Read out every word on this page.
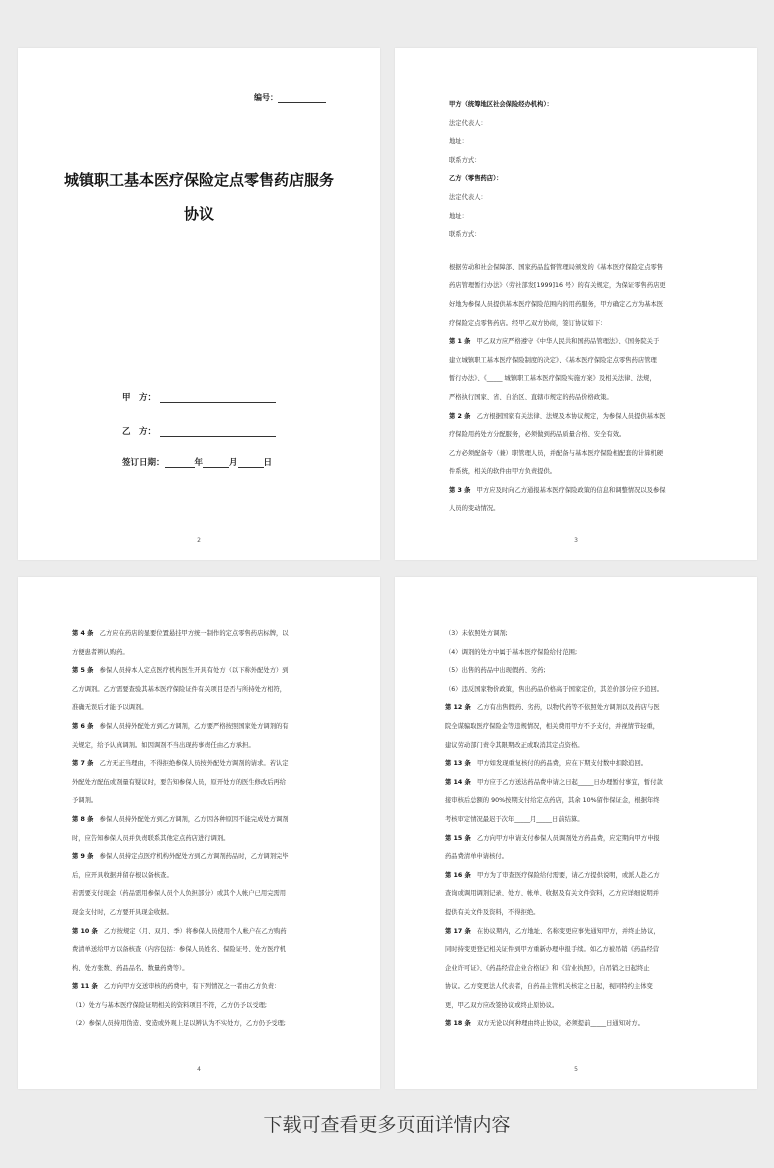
编号：
城镇职工基本医疗保险定点零售药店服务协议
甲　方：
乙　方：
签订日期：	年	月	日
2

甲方（统筹地区社会保险经办机构）：

法定代表人：

地址：

联系方式：

乙方（零售药店）：

法定代表人：

地址：

联系方式：

根据劳动和社会保障部、国家药品监督管理局颁发的《基本医疗保险定点零售

药店管理暂行办法》（劳社部发[1999]16 号）的有关规定，为保证零售药店更

好地为参保人员提供基本医疗保险范围内的用药服务，甲方确定乙方为基本医

疗保险定点零售药店。经甲乙双方协商，签订协议如下：

第 1 条　甲乙双方应严格遵守《中华人民共和国药品管理法》、《国务院关于

建立城镇职工基本医疗保险制度的决定》、《基本医疗保险定点零售药店管理

暂行办法》、《_____ 城镇职工基本医疗保险实施方案》及相关法律、法规，

严格执行国家、省、自治区、直辖市规定的药品价格政策。

第 2 条　乙方根据国家有关法律、法规及本协议规定，为参保人员提供基本医

疗保险用药处方分配服务，必须做到药品质量合格、安全有效。

乙方必须配备专（兼）职管理人员，并配备与基本医疗保险相配套的计算机硬

件系统，相关的软件由甲方负责提供。

第 3 条　甲方应及时向乙方通报基本医疗保险政策的信息和调整情况以及参保

人员的变动情况。

3

第 4 条　乙方应在药店的显要位置悬挂甲方统一制作的定点零售药店标牌，以

方便患者辨认购药。

第 5 条　参保人员持本人定点医疗机构医生开具有处方（以下称外配处方）到

乙方调剂。乙方需要查验其基本医疗保险证件有关项目是否与所持处方相符，

准确无误后才能予以调剂。

第 6 条　参保人员持外配处方到乙方调剂，乙方要严格按照国家处方调剂的有

关规定，给予认真调剂。如因调剂不当出现药事责任由乙方承担。

第 7 条　乙方无正当理由，不得拒绝参保人员按外配处方调剂的请求。若认定

外配处方配伍或剂量有疑议时，要告知参保人员，原开处方的医生修改后再给

予调剂。

第 8 条　参保人员持外配处方到乙方调剂，乙方因各种原因不能完成处方调剂

时，应告知参保人员并负责联系其他定点药店进行调剂。

第 9 条　参保人员持定点医疗机构外配处方到乙方调剂药品时，乙方调剂完毕

后，应开具收据并留存根以备核查。

若需要支付现金（药品需用参保人员个人负担部分）或其个人帐户已用完需用

现金支付时，乙方要开具现金收据。

第 10 条　乙方按规定（月、双月、季）将参保人员使用个人帐户在乙方购药

费清单送给甲方以备核查（内容包括：参保人员姓名、保险证号、处方医疗机

构、处方张数、药品品名、数量药费等）。

第 11 条　乙方向甲方交送审核的药费中，有下列情况之一者由乙方负责：

（1）处方与基本医疗保险证明相关的资料项目不符，乙方仍予以受理;

（2）参保人员持用伪造、变造或外观上足以辨认为不实处方，乙方仍予受理;

4

（3）未依照处方调剂;

（4）调剂的处方中属于基本医疗保险给付范围;

（5）出售的药品中出现假药、劣药;

（6）违反国家物价政策，售出药品价格高于国家定价，其差价部分应予追回。

第 12 条　乙方有出售假药、劣药，以物代药等不依照处方调剂以及药店与医

院全谋骗取医疗保险金等违规情况，相关费用甲方不予支付，并视情节轻重，

建议劳动部门责令其限期改正或取消其定点资格。

第 13 条　甲方如发现重复核付的药品费，应在下期支付数中扣除追回。

第 14 条　甲方应于乙方送达药品费申请之日起_____日办理暂付事宜，暂付款

接审核后总额的 90%按期支付给定点药店，其余 10%留作保证金，根据年终

考核审定情况最迟于次年_____月_____日前结算。

第 15 条　乙方向甲方申请支付参保人员调剂处方药品费，应定期向甲方申报

药品费清单申请核付。

第 16 条　甲方为了审查医疗保险给付需要，请乙方提供说明，或派人赴乙方

查询或调用调剂记录、处方、帐单、收据及有关文件资料，乙方应详细说明并

提供有关文件及资料，不得拒绝。

第 17 条　在协议期内，乙方地址、名称变更应事先通知甲方，并终止协议，

同时持变更登记相关证件到甲方重新办理申报手续。如乙方被吊销《药品经营

企业许可证》、《药品经营企业合格证》和《营业执照》，自吊销之日起终止

协议。乙方变更法人代表者，自药品主管机关核定之日起，视同特约主体变

更，甲乙双方应改签协议或终止原协议。

第 18 条　双方无论以何种理由终止协议，必须提前_____日通知对方。

5
下载可查看更多页面详情内容
